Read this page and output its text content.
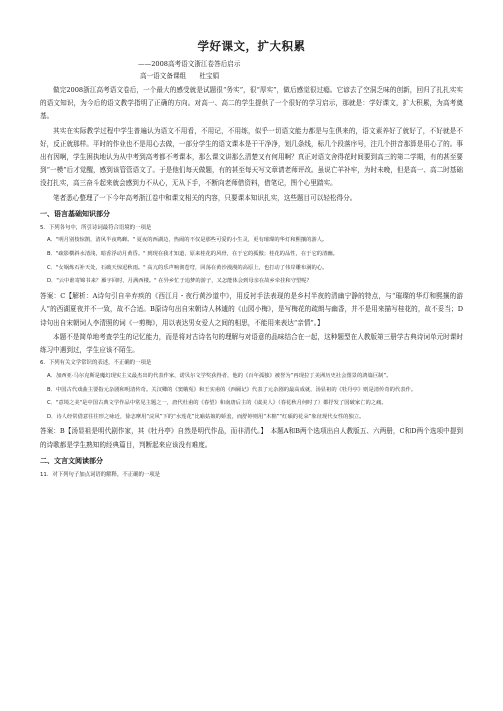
学好课文，扩大积累
——2008高考语文浙江卷答后启示
高一语文备课组　　杜宝娟

做完2008浙江高考语文卷后，一个最大的感受就是试题很“务实”，很“厚实”，做后感觉很过瘾。它谚去了空洞乏味的创新，回归了扎扎实实的语文知识，为今后的语文教学指明了正确的方向。对高一、高二的学生提供了一个很好的学习启示，那就是：学好课文，扩大积累，为高考奠基。

其实在实际教学过程中学生普遍认为语文不用看，不用记，不用练，似乎一切语文能力都是与生俱来的，语文素养好了就好了，不好就是不好，反正就那样。平时的作业也不是用心去做，一部分学生的语文课本是干干净净，划几条线，标几个段落序号，注几个拼音那算是用心了的。事出有因啊，学生困执地认为从中考到高考都不考课本，那么课文讲那么清楚又有何用啊？真正对语文舍得花时间要到高三的第二学期，有的甚至要到“一模”后才觉醒，感到该管管语文了。于是他们每天做题，有的甚至每天写文章请老师评改。虽说亡羊补牢，为时未晚，但是高一、高二时基础没打扎实，高三奋斗起来就会感到力不从心，无从下手，不断向老师借资料，借笔记，图个心里踏实。

笔者悉心整理了一下今年高考浙江卷中和课文相关的内容，只要课本知识扎实，这些题目可以轻松得分。

一、语言基础知识部分

5．下列各句中，所引诗词最符合语境的一项是

A．"明月别枝惊鹊，清风半夜鸣蝉。" 夏夜的西湖边，热闹的不仅是那些可爱的小生灵，更有璀璨的华灯和熙攘的游人。

B．"疏影横斜水清浅，暗香浮动月黄昏。" 到现在我才知道，原来桂花的风骨，在于它的孤傲；桂花的品性，在于它的清幽。

C．"女娲炼石补天处，石破天惊逗秋雨。" 高亢的乐声响彻苍穹，回荡在黄沙漫漫的高原上，也打动了伟岸雕布满的心。

D．"云中谁寄锦书来？雁字回时，月满西楼。" 在异乡忙于追梦的游子，又怎能体会到母亲在故乡牵挂和守望呢？

答案：C【解析：A诗句引自辛弃疾的《西江月・夜行黄沙道中》，用反衬手法表现的是乡村半夜的清幽宁静的特点，与“璀璨的华灯和熙攘的游人”的西湖夏夜并不一致，故不合适。B原诗句出自宋朝诗人林逋的《山园小梅》，是写梅花的疏朗与幽香，并不是用来描写桂花的，故不妥当；D诗句出自宋朝词人李清照的词《一剪梅》，用以表达男女爱人之间的相思，不能用来表达“亲情”。】

本题不是简单地考查学生的记忆能力，而是将对古诗名句的理解与对语意的品味结合在一起，这种题型在人教版第三册学古典诗词单元时课时练习中遇到过，学生应该不陌生。

6．下列有关文学常识的表述，不正确的一项是

A．加西亚·马尔克斯是魔幻现实主义最杰出的代表作家，诺贝尔文学奖获得者，他的《百年孤独》被誉为“再现拉丁美洲历史社会图景的鸿篇巨制”。

B．中国古代戏曲主要指元杂剧和明清传奇。关汉卿的《窦娥冤》和王实甫的《西厢记》代表了元杂剧的最高成就，汤显祖的《牡丹亭》则是清传奇的代表作。

C．"意境之美"是中国古典文学作品中常见主题之一，唐代杜甫的《春望》和南唐后主的《虞美人》（春花秋月何时了）都抒发了国破家亡的之痛。

D．诗人经常借意往往形之咏近，徐志摩用“浣风”下的“水莲花”比喻姑娘的娇羞，而舒婷则用“木棉”“红硕的花朵”象征现代女性的独立。

答案：B【汤显祖是明代剧作家，其《牡丹亭》自然是明代作品，而非清代。】　本题A和B两个选项出自人教版五、六两册，C和D两个选项中提到的诗歌都是学生熟知的经典篇目，判断起来应该没有难度。

二、文言文阅读部分

11．对下列句子加点词语的解释，不正确的一项是
